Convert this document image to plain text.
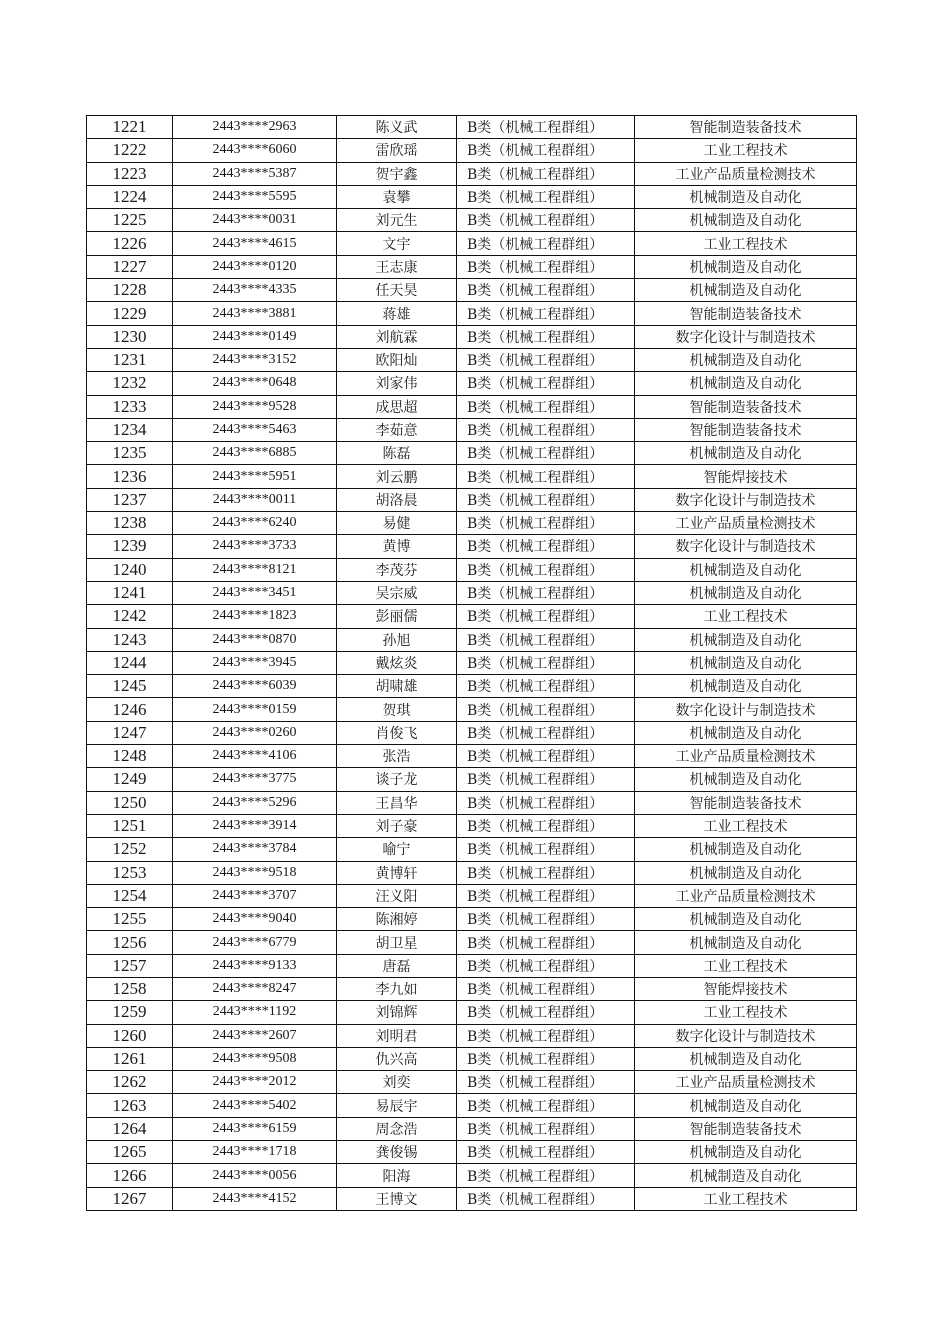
1221	2443****2963	陈义武	B类（机械工程群组）	智能制造装备技术
1222	2443****6060	雷欣瑶	B类（机械工程群组）	工业工程技术
1223	2443****5387	贺宇鑫	B类（机械工程群组）	工业产品质量检测技术
1224	2443****5595	袁攀	B类（机械工程群组）	机械制造及自动化
1225	2443****0031	刘元生	B类（机械工程群组）	机械制造及自动化
1226	2443****4615	文宇	B类（机械工程群组）	工业工程技术
1227	2443****0120	王志康	B类（机械工程群组）	机械制造及自动化
1228	2443****4335	任天昊	B类（机械工程群组）	机械制造及自动化
1229	2443****3881	蒋雄	B类（机械工程群组）	智能制造装备技术
1230	2443****0149	刘航霖	B类（机械工程群组）	数字化设计与制造技术
1231	2443****3152	欧阳灿	B类（机械工程群组）	机械制造及自动化
1232	2443****0648	刘家伟	B类（机械工程群组）	机械制造及自动化
1233	2443****9528	成思超	B类（机械工程群组）	智能制造装备技术
1234	2443****5463	李茹意	B类（机械工程群组）	智能制造装备技术
1235	2443****6885	陈磊	B类（机械工程群组）	机械制造及自动化
1236	2443****5951	刘云鹏	B类（机械工程群组）	智能焊接技术
1237	2443****0011	胡洛晨	B类（机械工程群组）	数字化设计与制造技术
1238	2443****6240	易健	B类（机械工程群组）	工业产品质量检测技术
1239	2443****3733	黄博	B类（机械工程群组）	数字化设计与制造技术
1240	2443****8121	李茂芬	B类（机械工程群组）	机械制造及自动化
1241	2443****3451	吴宗威	B类（机械工程群组）	机械制造及自动化
1242	2443****1823	彭丽儒	B类（机械工程群组）	工业工程技术
1243	2443****0870	孙旭	B类（机械工程群组）	机械制造及自动化
1244	2443****3945	戴炫炎	B类（机械工程群组）	机械制造及自动化
1245	2443****6039	胡啸雄	B类（机械工程群组）	机械制造及自动化
1246	2443****0159	贺琪	B类（机械工程群组）	数字化设计与制造技术
1247	2443****0260	肖俊飞	B类（机械工程群组）	机械制造及自动化
1248	2443****4106	张浩	B类（机械工程群组）	工业产品质量检测技术
1249	2443****3775	谈子龙	B类（机械工程群组）	机械制造及自动化
1250	2443****5296	王昌华	B类（机械工程群组）	智能制造装备技术
1251	2443****3914	刘子豪	B类（机械工程群组）	工业工程技术
1252	2443****3784	喻宁	B类（机械工程群组）	机械制造及自动化
1253	2443****9518	黄博轩	B类（机械工程群组）	机械制造及自动化
1254	2443****3707	汪义阳	B类（机械工程群组）	工业产品质量检测技术
1255	2443****9040	陈湘婷	B类（机械工程群组）	机械制造及自动化
1256	2443****6779	胡卫星	B类（机械工程群组）	机械制造及自动化
1257	2443****9133	唐磊	B类（机械工程群组）	工业工程技术
1258	2443****8247	李九如	B类（机械工程群组）	智能焊接技术
1259	2443****1192	刘锦辉	B类（机械工程群组）	工业工程技术
1260	2443****2607	刘明君	B类（机械工程群组）	数字化设计与制造技术
1261	2443****9508	仇兴高	B类（机械工程群组）	机械制造及自动化
1262	2443****2012	刘奕	B类（机械工程群组）	工业产品质量检测技术
1263	2443****5402	易辰宇	B类（机械工程群组）	机械制造及自动化
1264	2443****6159	周念浩	B类（机械工程群组）	智能制造装备技术
1265	2443****1718	龚俊锡	B类（机械工程群组）	机械制造及自动化
1266	2443****0056	阳海	B类（机械工程群组）	机械制造及自动化
1267	2443****4152	王博文	B类（机械工程群组）	工业工程技术
